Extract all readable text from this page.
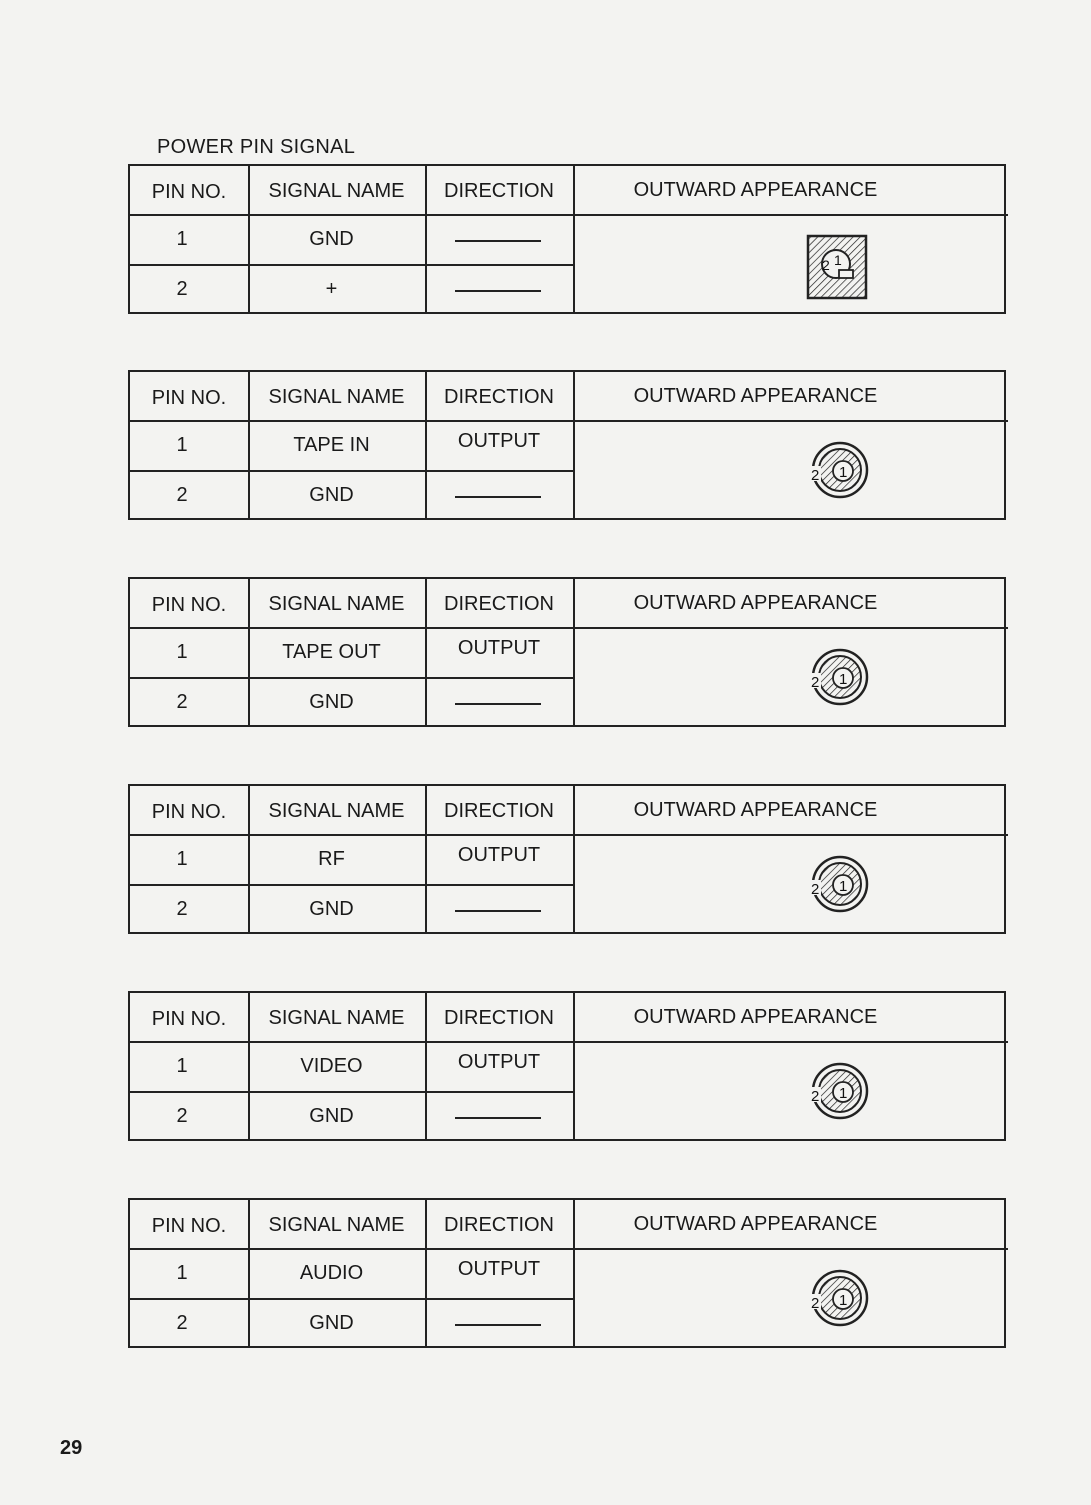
POWER PIN SIGNAL
PIN NO.	SIGNAL NAME	DIRECTION	OUTWARD APPEARANCE
1	GND
2	+
2 1
PIN NO.	SIGNAL NAME	DIRECTION	OUTWARD APPEARANCE
1	TAPE IN	OUTPUT
2	GND
1
2
PIN NO.	SIGNAL NAME	DIRECTION	OUTWARD APPEARANCE
1	TAPE OUT	OUTPUT
2	GND
1
2
PIN NO.	SIGNAL NAME	DIRECTION	OUTWARD APPEARANCE
1	RF	OUTPUT
2	GND
1
2
PIN NO.	SIGNAL NAME	DIRECTION	OUTWARD APPEARANCE
1	VIDEO	OUTPUT
2	GND
1
2
PIN NO.	SIGNAL NAME	DIRECTION	OUTWARD APPEARANCE
1	AUDIO	OUTPUT
2	GND
1
2
29
